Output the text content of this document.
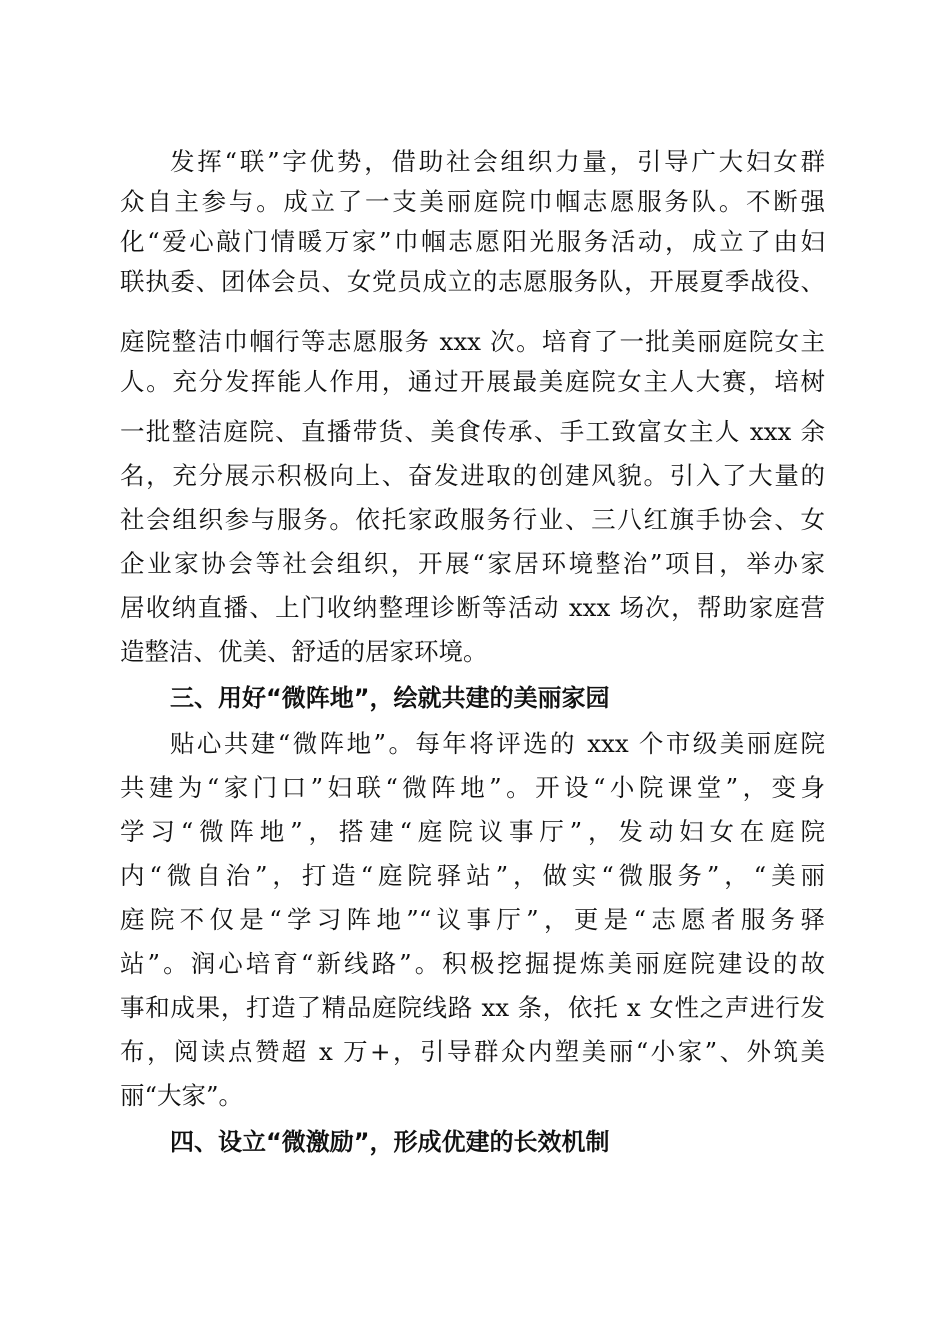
发挥“联”字优势，借助社会组织力量，引导广大妇女群
众自主参与。成立了一支美丽庭院巾帼志愿服务队。不断强
化“爱心敲门情暖万家”巾帼志愿阳光服务活动，成立了由妇
联执委、团体会员、女党员成立的志愿服务队，开展夏季战役、
庭院整洁巾帼行等志愿服务 xxx 次。培育了一批美丽庭院女主
人。充分发挥能人作用，通过开展最美庭院女主人大赛，培树
一批整洁庭院、直播带货、美食传承、手工致富女主人 xxx 余
名，充分展示积极向上、奋发进取的创建风貌。引入了大量的
社会组织参与服务。依托家政服务行业、三八红旗手协会、女
企业家协会等社会组织，开展“家居环境整治”项目，举办家
居收纳直播、上门收纳整理诊断等活动 xxx 场次，帮助家庭营
造整洁、优美、舒适的居家环境。
三、用好“微阵地”，绘就共建的美丽家园
贴心共建“微阵地”。每年将评选的 xxx 个市级美丽庭院
共建为“家门口”妇联“微阵地”。开设“小院课堂”，变身
学习“微阵地”，搭建“庭院议事厅”，发动妇女在庭院
内“微自治”，打造“庭院驿站”，做实“微服务”，“美丽
庭院不仅是“学习阵地”“议事厅”，更是“志愿者服务驿
站”。润心培育“新线路”。积极挖掘提炼美丽庭院建设的故
事和成果，打造了精品庭院线路 xx 条，依托 x 女性之声进行发
布，阅读点赞超 x 万+，引导群众内塑美丽“小家”、外筑美
丽“大家”。
四、设立“微激励”，形成优建的长效机制
